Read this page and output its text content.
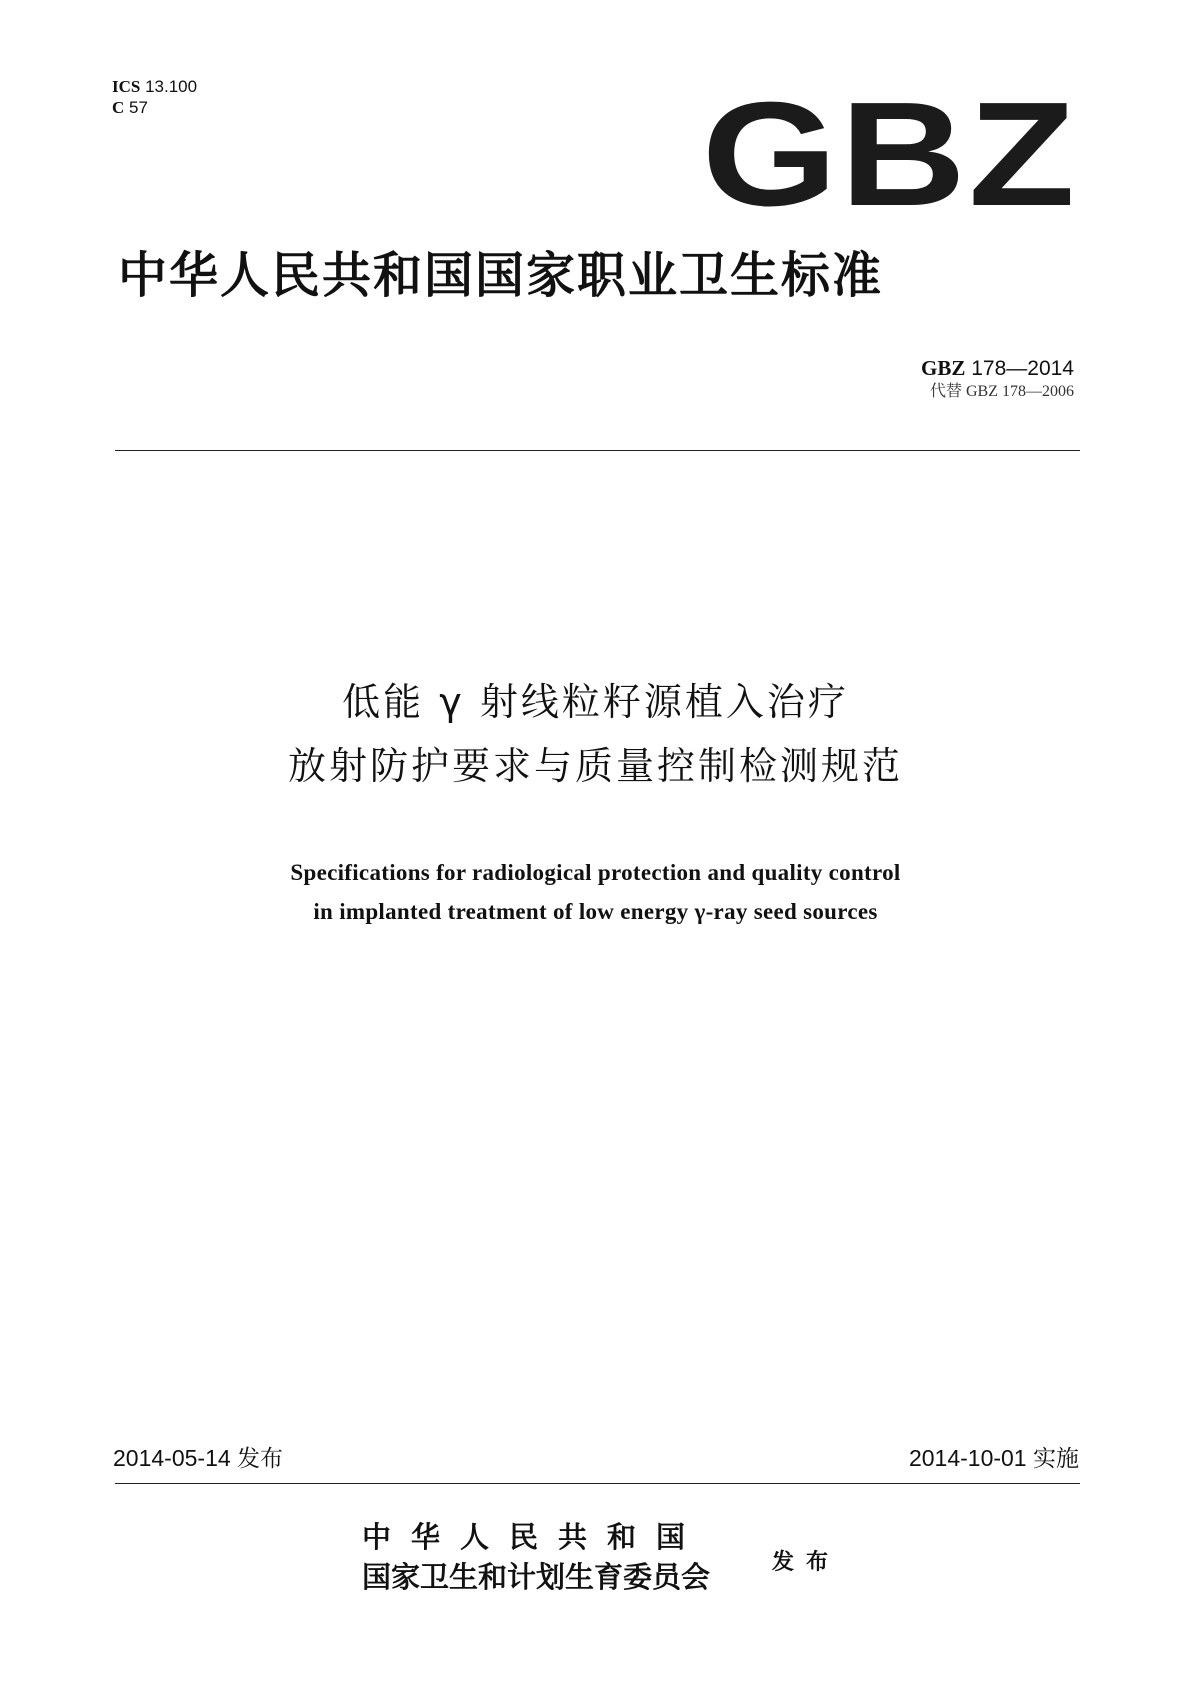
ICS 13.100
C 57	GBZ
中华人民共和国国家职业卫生标准
GBZ 178—2014
代替 GBZ 178—2006
低能 γ 射线粒籽源植入治疗
放射防护要求与质量控制检测规范
Specifications for radiological protection and quality control
in implanted treatment of low energy γ-ray seed sources
2014-05-14 发布	2014-10-01 实施
中华人民共和国
国家卫生和计划生育委员会	发布
